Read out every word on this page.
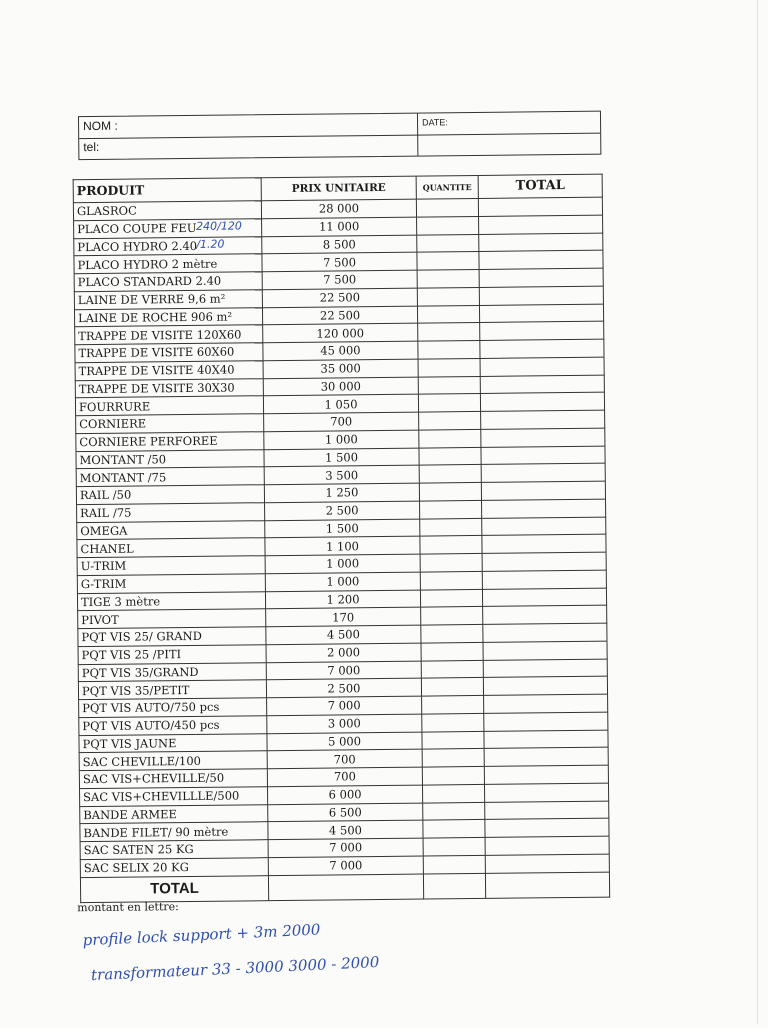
NOM :	DATE:
tel:
PRODUIT	PRIX UNITAIRE	QUANTITE	TOTAL
GLASROC	28 000		
PLACO COUPE FEU 240/120	11 000		
PLACO HYDRO 2.40 /1.20	8 500		
PLACO HYDRO 2 mètre	7 500		
PLACO STANDARD 2.40	7 500		
LAINE DE VERRE 9,6 m²	22 500		
LAINE DE ROCHE 906 m²	22 500		
TRAPPE DE VISITE 120X60	120 000		
TRAPPE DE VISITE 60X60	45 000		
TRAPPE DE VISITE 40X40	35 000		
TRAPPE DE VISITE 30X30	30 000		
FOURRURE	1 050		
CORNIERE	700		
CORNIERE PERFOREE	1 000		
MONTANT /50	1 500		
MONTANT /75	3 500		
RAIL /50	1 250		
RAIL /75	2 500		
OMEGA	1 500		
CHANEL	1 100		
U-TRIM	1 000		
G-TRIM	1 000		
TIGE 3 mètre	1 200		
PIVOT	170		
PQT VIS 25/ GRAND	4 500		
PQT VIS 25 /PITI	2 000		
PQT VIS 35/GRAND	7 000		
PQT VIS 35/PETIT	2 500		
PQT VIS AUTO/750 pcs	7 000		
PQT VIS AUTO/450 pcs	3 000		
PQT VIS JAUNE	5 000		
SAC CHEVILLE/100	700		
SAC VIS+CHEVILLE/50	700		
SAC VIS+CHEVILLLE/500	6 000		
BANDE ARMEE	6 500		
BANDE FILET/ 90 mètre	4 500		
SAC SATEN 25 KG	7 000		
SAC SELIX 20 KG	7 000		
TOTAL			
montant en lettre:
profile lock support + 3m 2000
transformateur 33 - 3000 3000 - 2000
